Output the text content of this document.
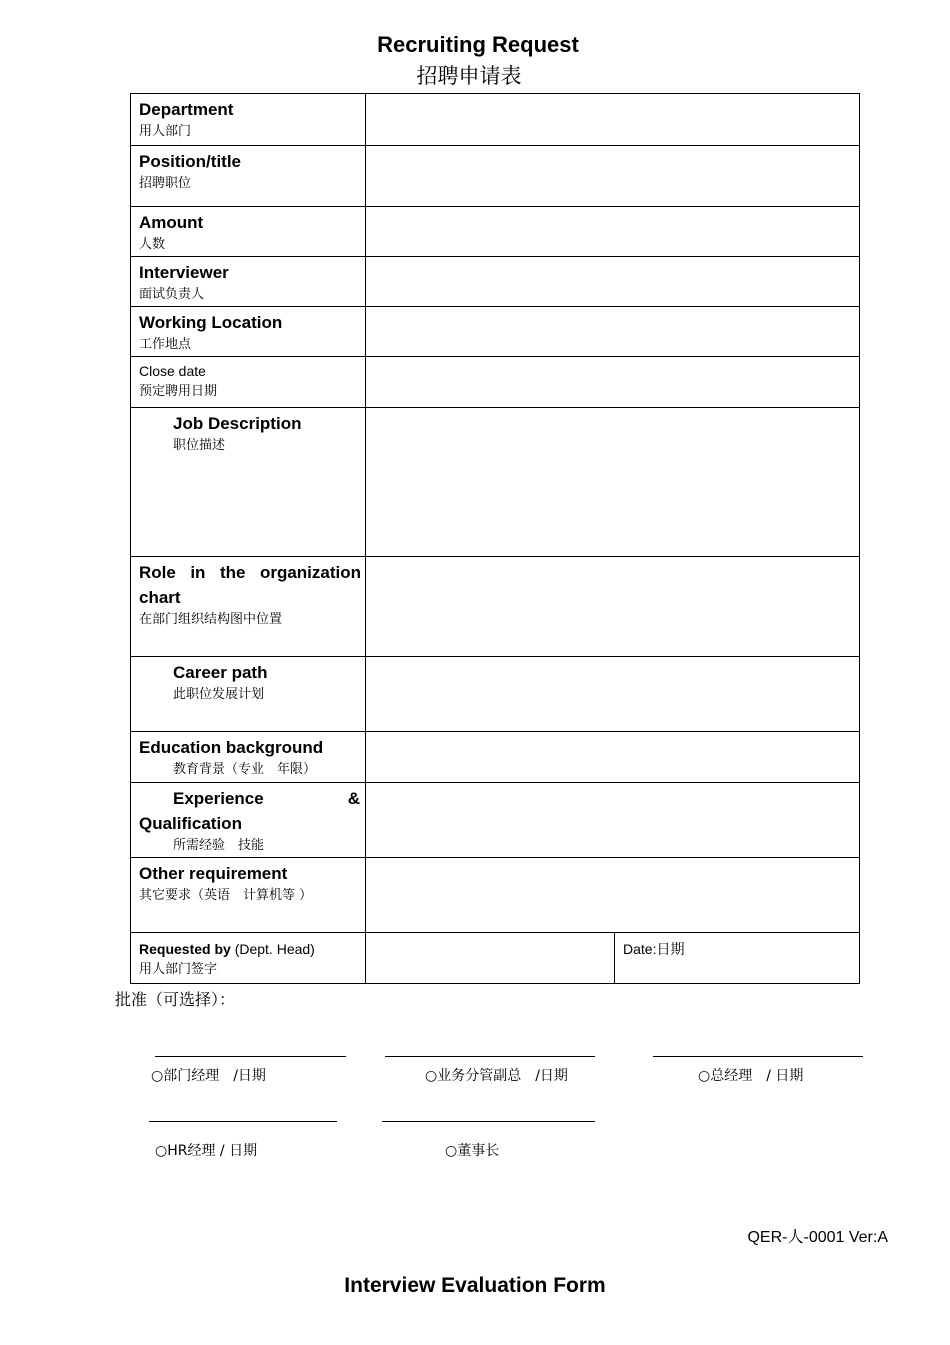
Recruiting Request
招聘申请表
Department
用人部门		

Position/title
招聘职位		

Amount
人数		

Interviewer
面试负责人		

Working Location
工作地点		

Close date
预定聘用日期		

Job Description
职位描述		

Role in the organization
chart
在部门组织结构图中位置		

Career path
此职位发展计划		

Education background
教育背景（专业　年限）		

Experience &
Qualification
所需经验　技能		

Other requirement
其它要求（英语　计算机等 ）		

Requested by (Dept. Head)
用人部门签字		Date:日期
批准（可选择）：
○部门经理　/日期	○业务分管副总　/日期	○总经理　/ 日期
○HR经理 / 日期	○董事长
QER-人-0001 Ver:A
Interview Evaluation Form
